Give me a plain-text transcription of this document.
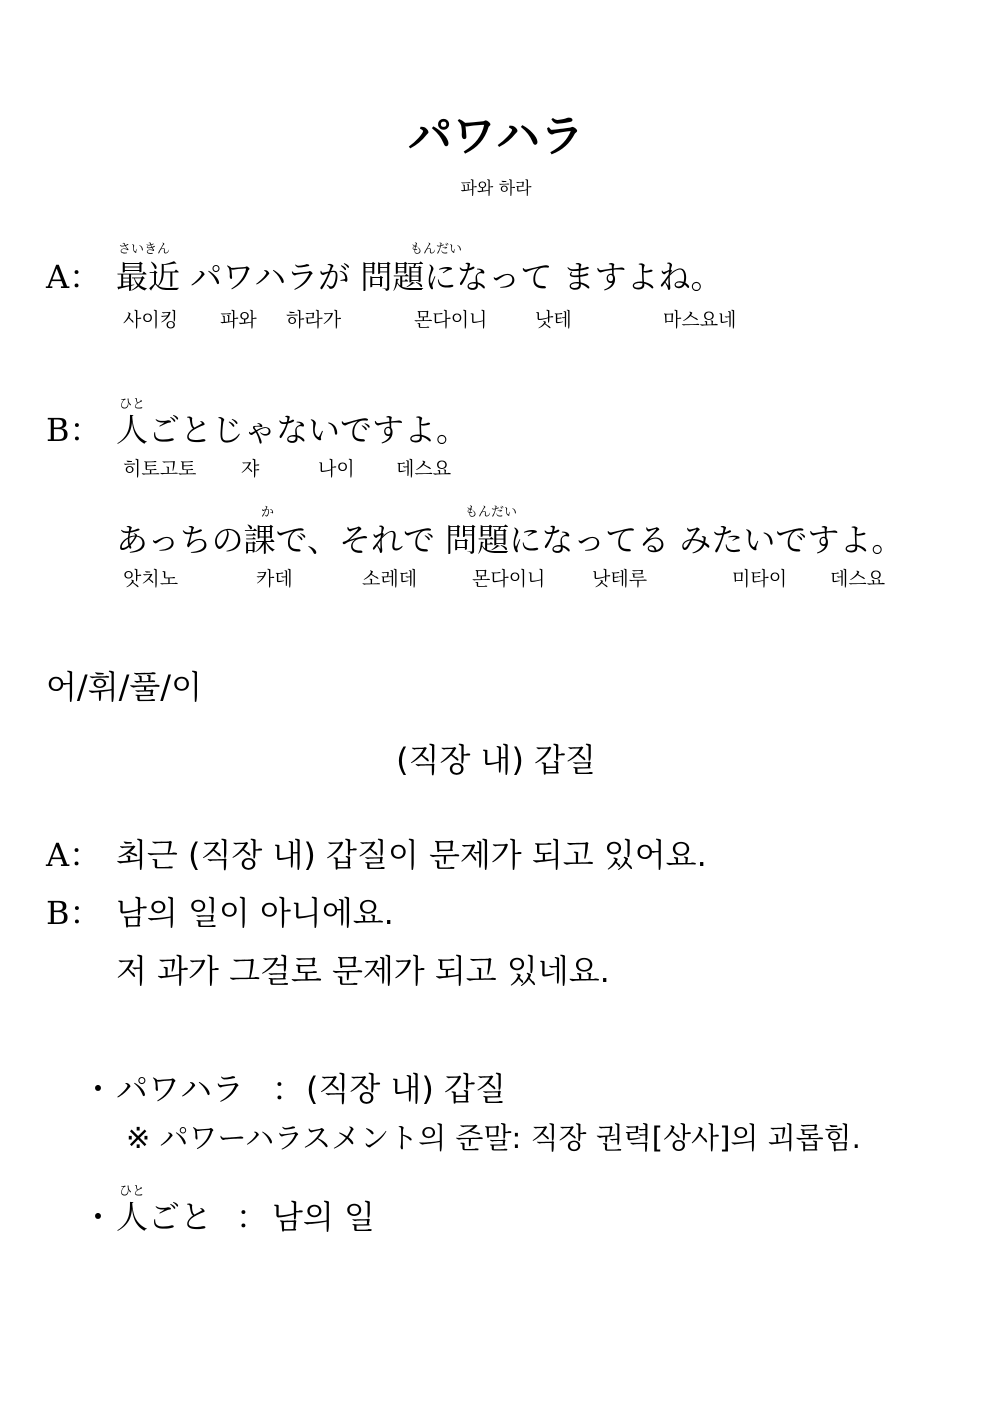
パワハラ
파와 하라
さいきん	もんだい
A： 最近 パワハラが 問題になって ますよね。
사이킹 파와 하라가	몬다이니	낫테	마스요네
ひと
B： 人ごとじゃないですよ。
히토고토 쟈	나이 데스요
か	もんだい
あっちの課で、それで 問題になってる みたいですよ。
앗치노	카데	소레데	몬다이니 낫테루	미타이 데스요
어/휘/풀/이
(직장 내) 갑질
A： 최근 (직장 내) 갑질이 문제가 되고 있어요.
B： 남의 일이 아니에요.
저 과가 그걸로 문제가 되고 있네요.
・ パワハラ ： (직장 내) 갑질
※ パワーハラスメント의 준말: 직장 권력[상사]의 괴롭힘.
ひと
・ 人ごと ： 남의 일
